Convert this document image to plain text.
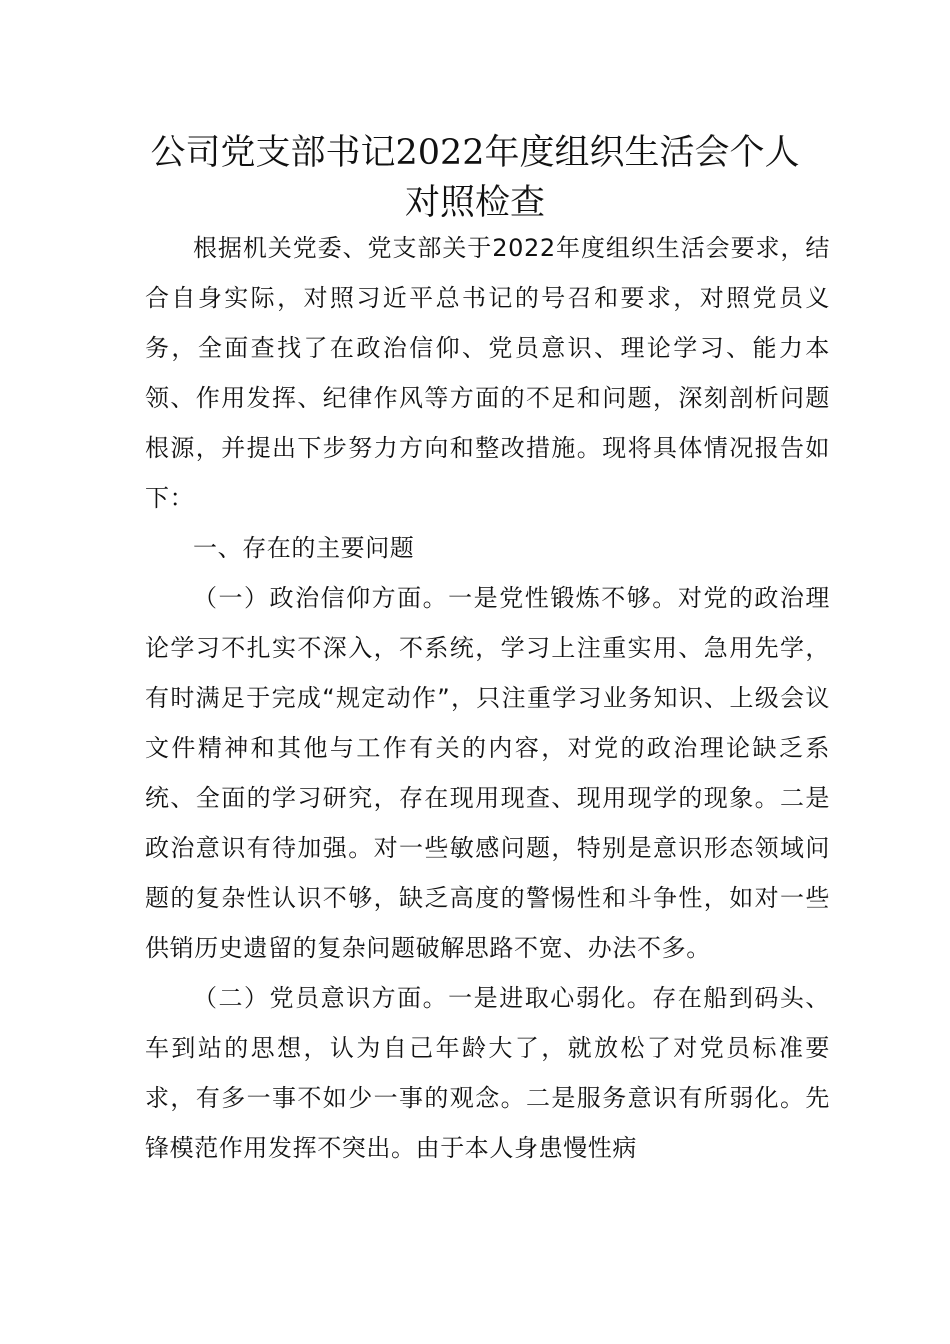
公司党支部书记2022年度组织生活会个人
对照检查

根据机关党委、党支部关于2022年度组织生活会要求，结合自身实际，对照习近平总书记的号召和要求，对照党员义务，全面查找了在政治信仰、党员意识、理论学习、能力本领、作用发挥、纪律作风等方面的不足和问题，深刻剖析问题根源，并提出下步努力方向和整改措施。现将具体情况报告如下：

一、存在的主要问题

（一）政治信仰方面。一是党性锻炼不够。对党的政治理论学习不扎实不深入，不系统，学习上注重实用、急用先学，有时满足于完成“规定动作”，只注重学习业务知识、上级会议文件精神和其他与工作有关的内容，对党的政治理论缺乏系统、全面的学习研究，存在现用现查、现用现学的现象。二是政治意识有待加强。对一些敏感问题，特别是意识形态领域问题的复杂性认识不够，缺乏高度的警惕性和斗争性，如对一些供销历史遗留的复杂问题破解思路不宽、办法不多。

（二）党员意识方面。一是进取心弱化。存在船到码头、车到站的思想，认为自己年龄大了，就放松了对党员标准要求，有多一事不如少一事的观念。二是服务意识有所弱化。先锋模范作用发挥不突出。由于本人身患慢性病
